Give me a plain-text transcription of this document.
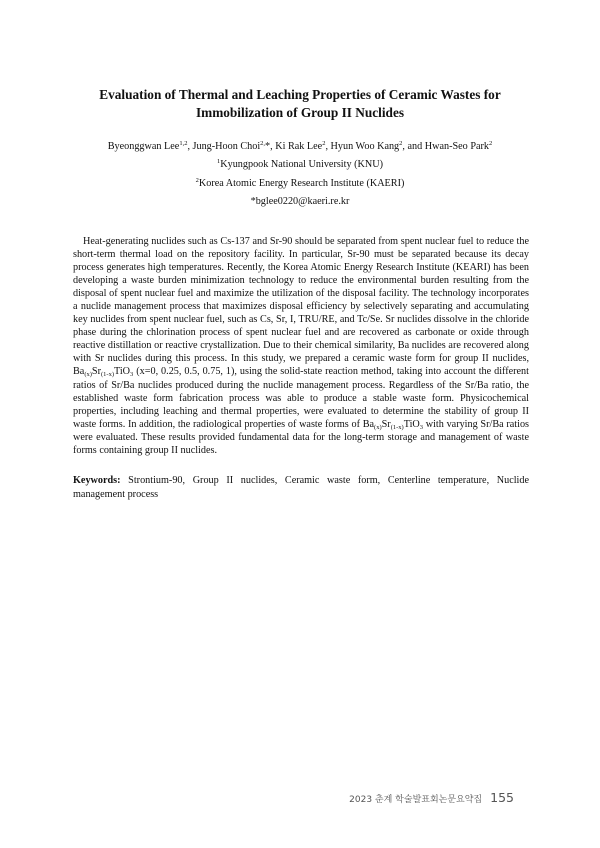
Evaluation of Thermal and Leaching Properties of Ceramic Wastes for
Immobilization of Group II Nuclides
Byeonggwan Lee$^{1,2}$, Jung-Hoon Choi$^{2,}$*, Ki Rak Lee$^2$, Hyun Woo Kang$^2$, and Hwan-Seo Park$^2$
$^1$Kyungpook National University (KNU)
$^2$Korea Atomic Energy Research Institute (KAERI)
*bglee0220@kaeri.re.kr

Heat-generating nuclides such as Cs-137 and Sr-90 should be separated from spent nuclear fuel to reduce the short-term thermal load on the repository facility. In particular, Sr-90 must be separated because its decay process generates high temperatures. Recently, the Korea Atomic Energy Research Institute (KEARI) has been developing a waste burden minimization technology to reduce the environmental burden resulting from the disposal of spent nuclear fuel and maximize the utilization of the disposal facility. The technology incorporates a nuclide management process that maximizes disposal efficiency by selectively separating and accumulating key nuclides from spent nuclear fuel, such as Cs, Sr, I, TRU/RE, and Tc/Se. Sr nuclides dissolve in the chloride phase during the chlorination process of spent nuclear fuel and are recovered as carbonate or oxide through reactive distillation or reactive crystallization. Due to their chemical similarity, Ba nuclides are recovered along with Sr nuclides during this process. In this study, we prepared a ceramic waste form for group II nuclides, $Ba_{(x)}Sr_{(1-x)}TiO_3$ (x=0, 0.25, 0.5, 0.75, 1), using the solid-state reaction method, taking into account the different ratios of Sr/Ba nuclides produced during the nuclide management process. Regardless of the Sr/Ba ratio, the established waste form fabrication process was able to produce a stable waste form. Physicochemical properties, including leaching and thermal properties, were evaluated to determine the stability of group II waste forms. In addition, the radiological properties of waste forms of $Ba_{(x)}Sr_{(1-x)}TiO_3$ with varying Sr/Ba ratios were evaluated. These results provided fundamental data for the long-term storage and management of waste forms containing group II nuclides.

Keywords: Strontium-90, Group II nuclides, Ceramic waste form, Centerline temperature, Nuclide management process

2023 춘계 학술발표회논문요약집 155
